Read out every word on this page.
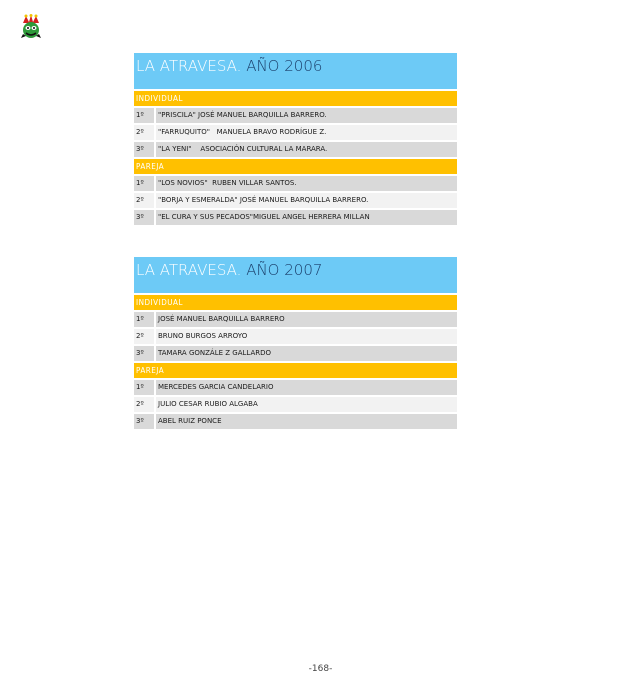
LA ATRAVESA. AÑO 2006
INDIVIDUAL
1º	"PRISCILA" JOSÉ MANUEL BARQUILLA BARRERO.
2º	"FARRUQUITO"   MANUELA BRAVO RODRÍGUE Z.
3º	"LA YENI"    ASOCIACIÓN CULTURAL LA MARARA.
PAREJA
1º	"LOS NOVIOS"  RUBEN VILLAR SANTOS.
2º	"BORJA Y ESMERALDA" JOSÉ MANUEL BARQUILLA BARRERO.
3º	"EL CURA Y SUS PECADOS"MIGUEL ANGEL HERRERA MILLAN
LA ATRAVESA. AÑO 2007
INDIVIDUAL
1º	JOSÉ MANUEL BARQUILLA BARRERO
2º	BRUNO BURGOS ARROYO
3º	TAMARA GONZÁLE Z GALLARDO
PAREJA
1º	MERCEDES GARCIA CANDELARIO
2º	JULIO CESAR RUBIO ALGABA
3º	ABEL RUIZ PONCE
-168-
